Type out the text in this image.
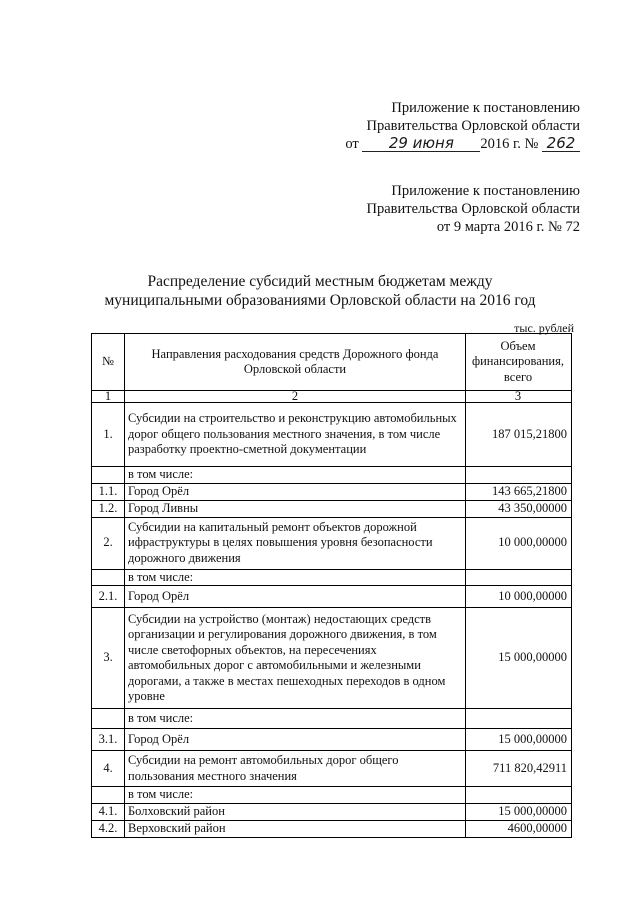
Приложение к постановлению
Правительства Орловской области
от 29 июня 2016 г. № 262
Приложение к постановлению
Правительства Орловской области
от 9 марта 2016 г. № 72
Распределение субсидий местным бюджетам между
муниципальными образованиями Орловской области на 2016 год
тыс. рублей
№	Направления расходования средств Дорожного фонда Орловской области	Объем финансирования, всего
1	2	3
1.	Субсидии на строительство и реконструкцию автомобильных дорог общего пользования местного значения, в том числе разработку проектно-сметной документации	187 015,21800
	в том числе:	
1.1.	Город Орёл	143 665,21800
1.2.	Город Ливны	43 350,00000
2.	Субсидии на капитальный ремонт объектов дорожной ифраструктуры в целях повышения уровня безопасности дорожного движения	10 000,00000
	в том числе:	
2.1.	Город Орёл	10 000,00000
3.	Субсидии на устройство (монтаж) недостающих средств организации и регулирования дорожного движения, в том числе светофорных объектов, на пересечениях автомобильных дорог с автомобильными и железными дорогами, а также в местах пешеходных переходов в одном уровне	15 000,00000
	в том числе:	
3.1.	Город Орёл	15 000,00000
4.	Субсидии на ремонт автомобильных дорог общего пользования местного значения	711 820,42911
	в том числе:	
4.1.	Болховский район	15 000,00000
4.2.	Верховский район	4600,00000
